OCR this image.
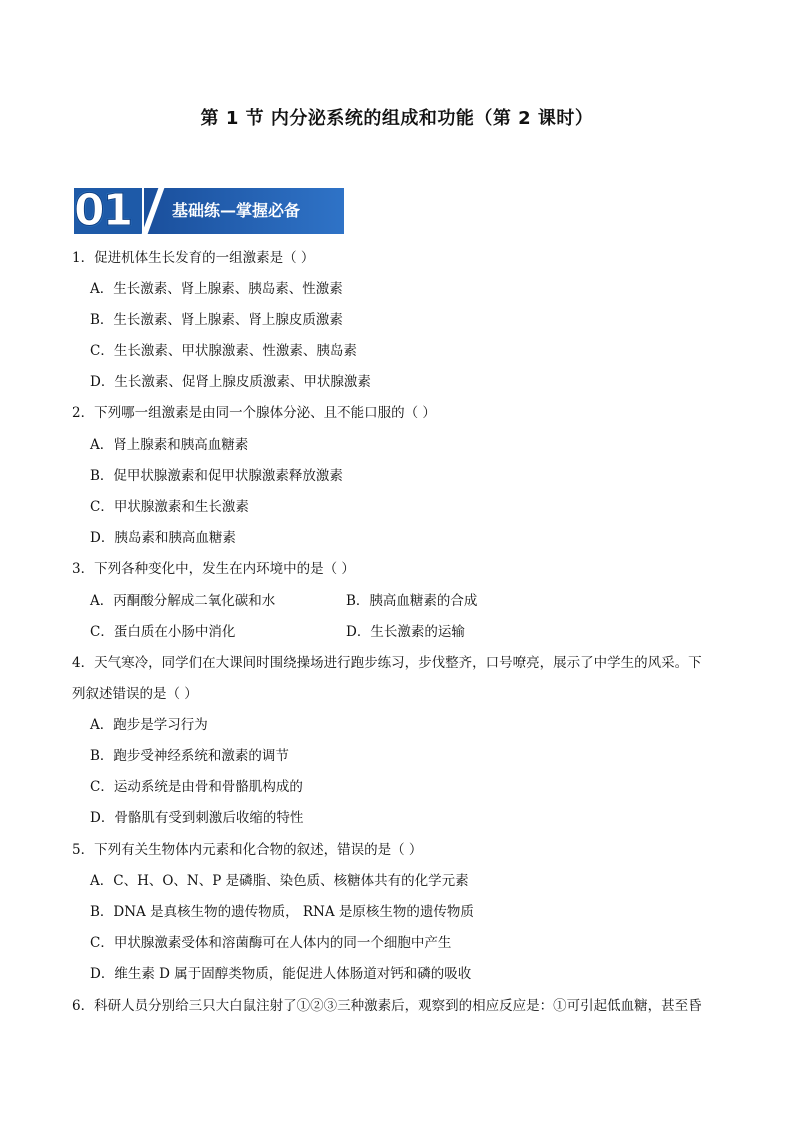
第 1 节 内分泌系统的组成和功能（第 2 课时）
01	基础练—掌握必备
1．促进机体生长发育的一组激素是（ ）
A．生长激素、肾上腺素、胰岛素、性激素
B．生长激素、肾上腺素、肾上腺皮质激素
C．生长激素、甲状腺激素、性激素、胰岛素
D．生长激素、促肾上腺皮质激素、甲状腺激素
2．下列哪一组激素是由同一个腺体分泌、且不能口服的（ ）
A．肾上腺素和胰高血糖素
B．促甲状腺激素和促甲状腺激素释放激素
C．甲状腺激素和生长激素
D．胰岛素和胰高血糖素
3．下列各种变化中，发生在内环境中的是（ ）
A．丙酮酸分解成二氧化碳和水	B．胰高血糖素的合成
C．蛋白质在小肠中消化	D．生长激素的运输
4．天气寒冷，同学们在大课间时围绕操场进行跑步练习，步伐整齐，口号嘹亮，展示了中学生的风采。下
列叙述错误的是（ ）
A．跑步是学习行为
B．跑步受神经系统和激素的调节
C．运动系统是由骨和骨骼肌构成的
D．骨骼肌有受到刺激后收缩的特性
5．下列有关生物体内元素和化合物的叙述，错误的是（ ）
A．C、H、O、N、P 是磷脂、染色质、核糖体共有的化学元素
B．DNA 是真核生物的遗传物质， RNA 是原核生物的遗传物质
C．甲状腺激素受体和溶菌酶可在人体内的同一个细胞中产生
D．维生素 D 属于固醇类物质，能促进人体肠道对钙和磷的吸收
6．科研人员分别给三只大白鼠注射了①②③三种激素后，观察到的相应反应是：①可引起低血糖，甚至昏
